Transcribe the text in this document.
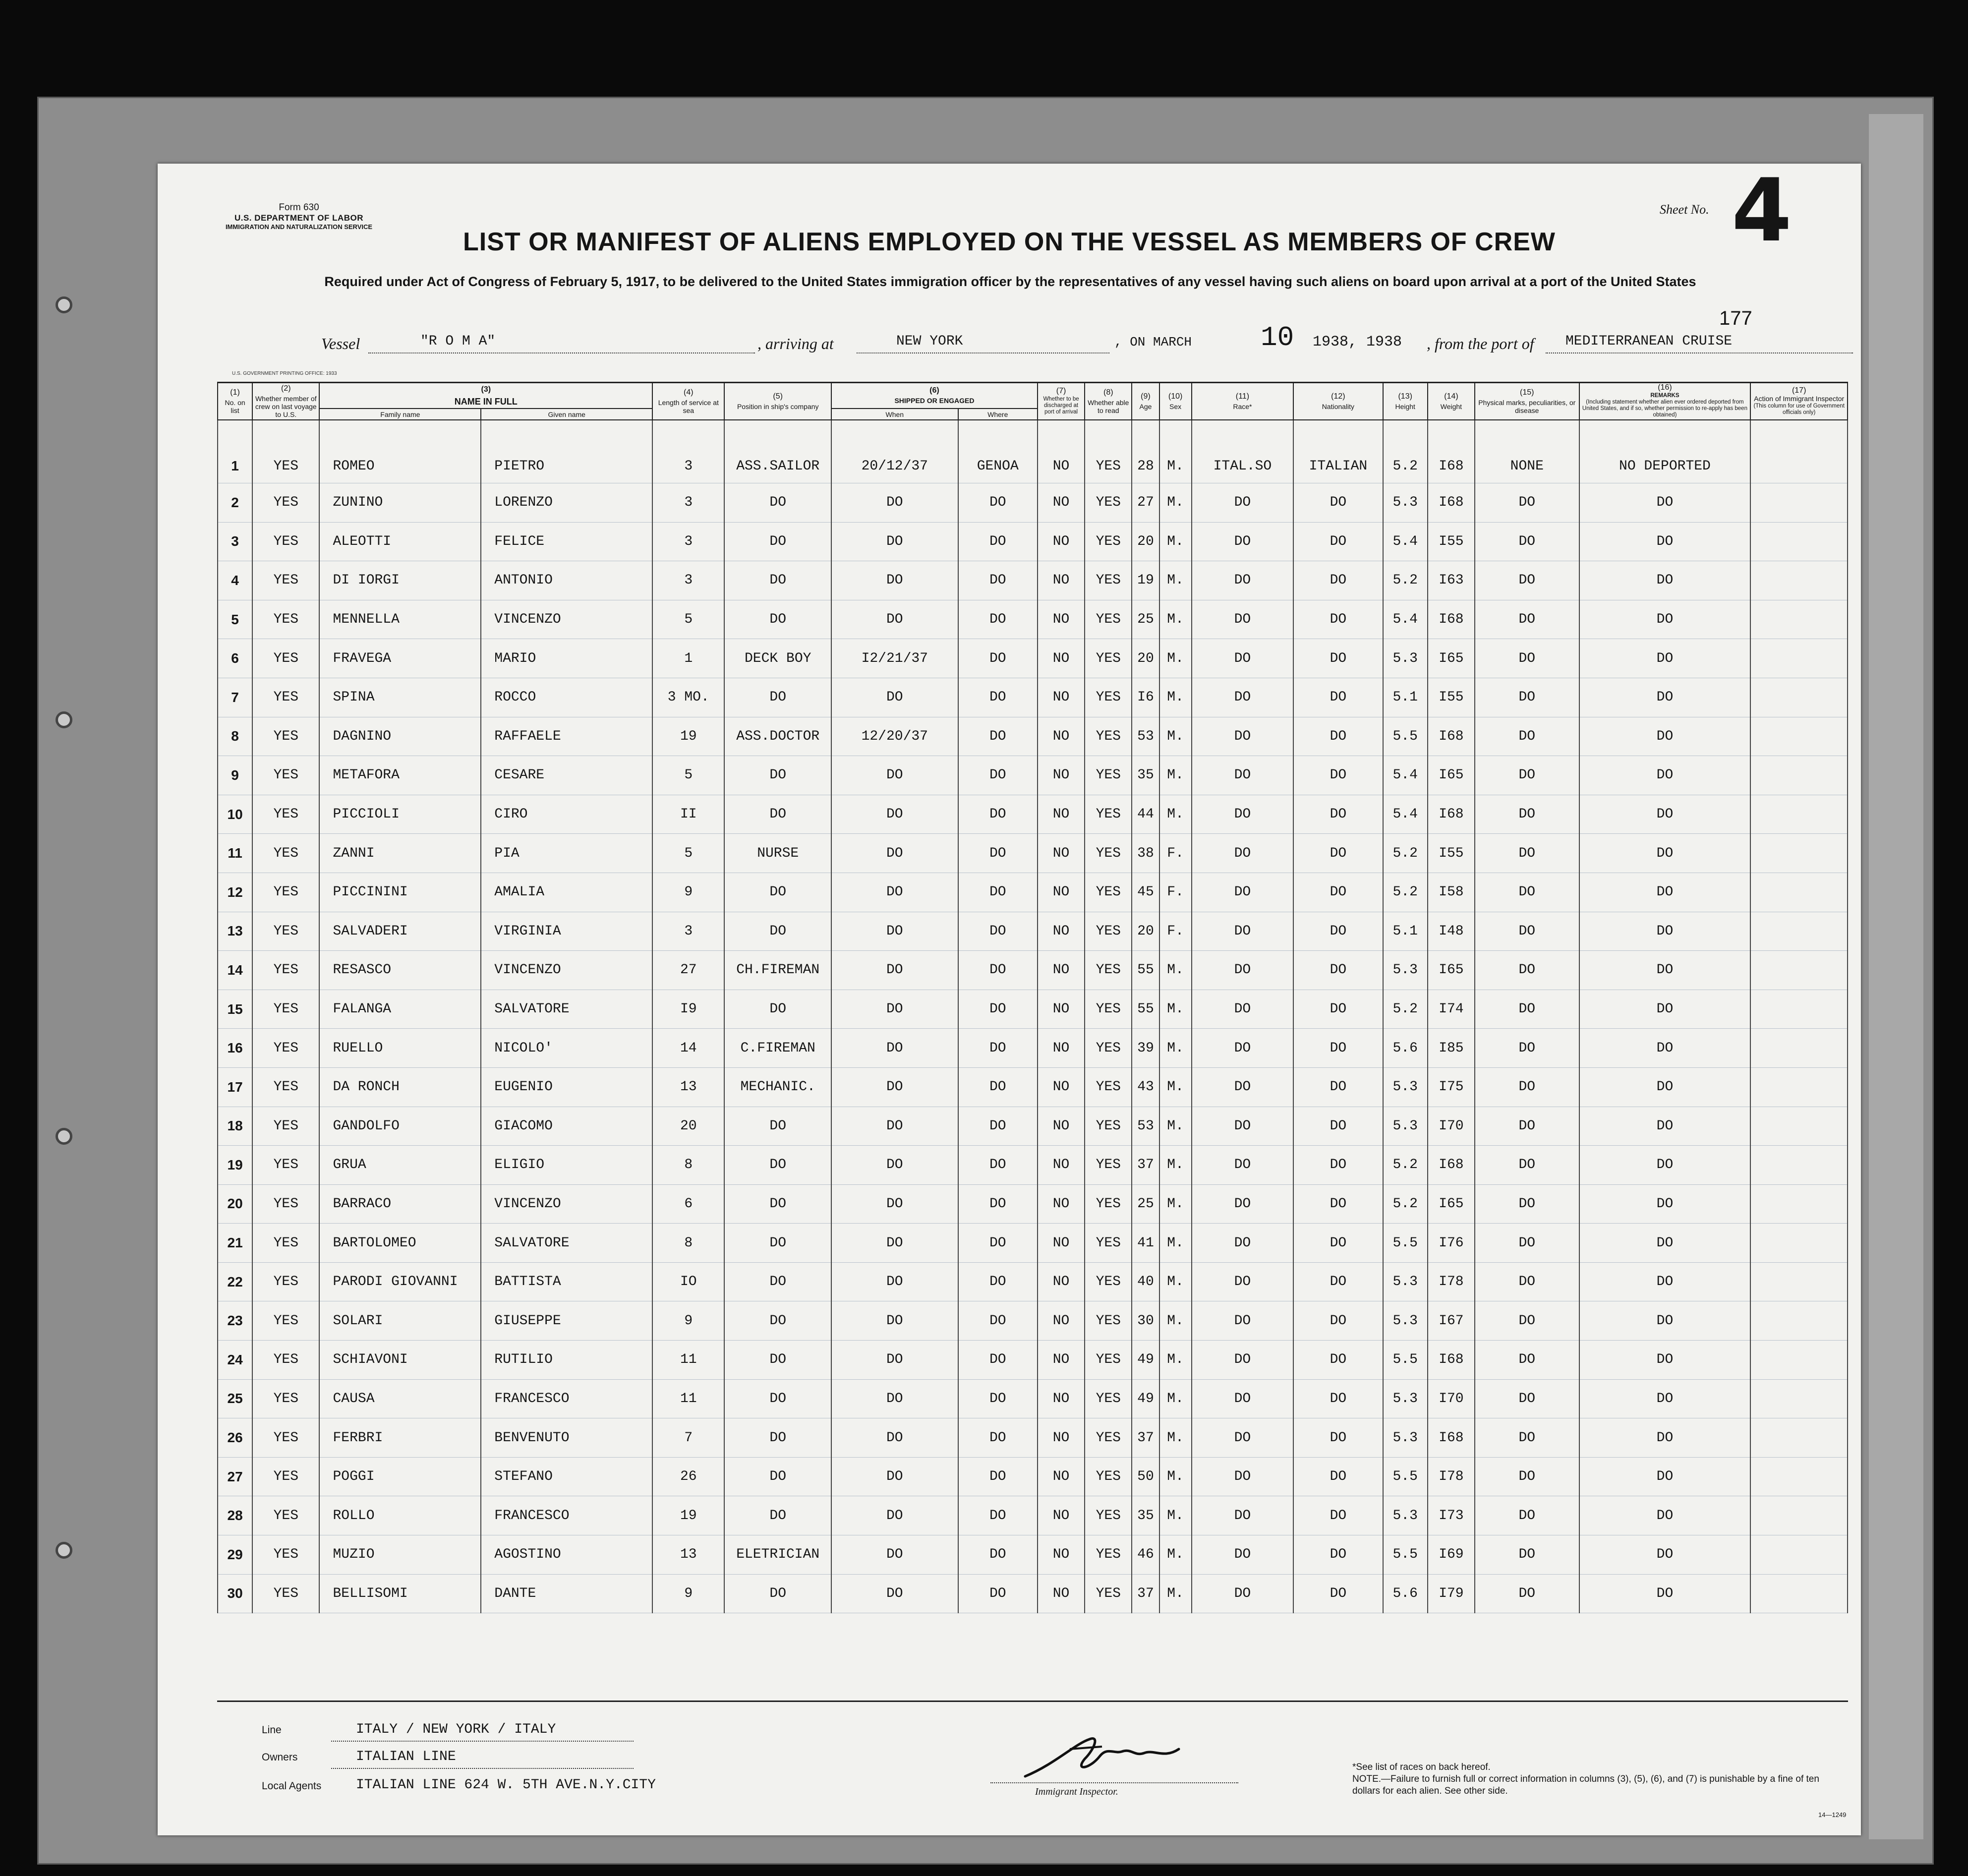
Form 630
U.S. DEPARTMENT OF LABOR
IMMIGRATION AND NATURALIZATION SERVICE
Sheet No. 4
LIST OR MANIFEST OF ALIENS EMPLOYED ON THE VESSEL AS MEMBERS OF CREW
Required under Act of Congress of February 5, 1917, to be delivered to the United States immigration officer by the representatives of any vessel having such aliens on board upon arrival at a port of the United States
177
Vessel	"R O M A"	, arriving at	NEW YORK	, ON MARCH 10 1938, 1938 , from the port of MEDITERRANEAN CRUISE
U.S. GOVERNMENT PRINTING OFFICE: 1933
(1)
No. on list	(2)
Whether member of crew on last voyage to U.S.	(3)
NAME IN FULL		(4)
Length of service at sea	(5)
Position in ship's company	(6)
SHIPPED OR ENGAGED		(7)
Whether to be discharged at port of arrival	(8)
Whether able to read	(9)
Age	(10)
Sex	(11)
Race*	(12)
Nationality	(13)
Height	(14)
Weight	(15)
Physical marks, peculiarities, or disease	(16)
REMARKS
(Including statement whether alien ever ordered deported from United States, and if so, whether permission to re-apply has been obtained)	(17)
Action of Immigrant Inspector
(This column for use of Government officials only)
		Family name	Given name			When	Where											
1	YES	ROMEO	PIETRO	3	ASS.SAILOR	20/12/37	GENOA	NO	YES	28	M.	ITAL.SO	ITALIAN	5.2	I68	NONE	NO DEPORTED	
2	YES	ZUNINO	LORENZO	3	DO	DO	DO	NO	YES	27	M.	DO	DO	5.3	I68	DO	DO	
3	YES	ALEOTTI	FELICE	3	DO	DO	DO	NO	YES	20	M.	DO	DO	5.4	I55	DO	DO	
4	YES	DI IORGI	ANTONIO	3	DO	DO	DO	NO	YES	19	M.	DO	DO	5.2	I63	DO	DO	
5	YES	MENNELLA	VINCENZO	5	DO	DO	DO	NO	YES	25	M.	DO	DO	5.4	I68	DO	DO	
6	YES	FRAVEGA	MARIO	1	DECK BOY	I2/21/37	DO	NO	YES	20	M.	DO	DO	5.3	I65	DO	DO	
7	YES	SPINA	ROCCO	3 MO.	DO	DO	DO	NO	YES	I6	M.	DO	DO	5.1	I55	DO	DO	
8	YES	DAGNINO	RAFFAELE	19	ASS.DOCTOR	12/20/37	DO	NO	YES	53	M.	DO	DO	5.5	I68	DO	DO	
9	YES	METAFORA	CESARE	5	DO	DO	DO	NO	YES	35	M.	DO	DO	5.4	I65	DO	DO	
10	YES	PICCIOLI	CIRO	II	DO	DO	DO	NO	YES	44	M.	DO	DO	5.4	I68	DO	DO	
11	YES	ZANNI	PIA	5	NURSE	DO	DO	NO	YES	38	F.	DO	DO	5.2	I55	DO	DO	
12	YES	PICCININI	AMALIA	9	DO	DO	DO	NO	YES	45	F.	DO	DO	5.2	I58	DO	DO	
13	YES	SALVADERI	VIRGINIA	3	DO	DO	DO	NO	YES	20	F.	DO	DO	5.1	I48	DO	DO	
14	YES	RESASCO	VINCENZO	27	CH.FIREMAN	DO	DO	NO	YES	55	M.	DO	DO	5.3	I65	DO	DO	
15	YES	FALANGA	SALVATORE	I9	DO	DO	DO	NO	YES	55	M.	DO	DO	5.2	I74	DO	DO	
16	YES	RUELLO	NICOLO'	14	C.FIREMAN	DO	DO	NO	YES	39	M.	DO	DO	5.6	I85	DO	DO	
17	YES	DA RONCH	EUGENIO	13	MECHANIC.	DO	DO	NO	YES	43	M.	DO	DO	5.3	I75	DO	DO	
18	YES	GANDOLFO	GIACOMO	20	DO	DO	DO	NO	YES	53	M.	DO	DO	5.3	I70	DO	DO	
19	YES	GRUA	ELIGIO	8	DO	DO	DO	NO	YES	37	M.	DO	DO	5.2	I68	DO	DO	
20	YES	BARRACO	VINCENZO	6	DO	DO	DO	NO	YES	25	M.	DO	DO	5.2	I65	DO	DO	
21	YES	BARTOLOMEO	SALVATORE	8	DO	DO	DO	NO	YES	41	M.	DO	DO	5.5	I76	DO	DO	
22	YES	PARODI GIOVANNI	BATTISTA	IO	DO	DO	DO	NO	YES	40	M.	DO	DO	5.3	I78	DO	DO	
23	YES	SOLARI	GIUSEPPE	9	DO	DO	DO	NO	YES	30	M.	DO	DO	5.3	I67	DO	DO	
24	YES	SCHIAVONI	RUTILIO	11	DO	DO	DO	NO	YES	49	M.	DO	DO	5.5	I68	DO	DO	
25	YES	CAUSA	FRANCESCO	11	DO	DO	DO	NO	YES	49	M.	DO	DO	5.3	I70	DO	DO	
26	YES	FERBRI	BENVENUTO	7	DO	DO	DO	NO	YES	37	M.	DO	DO	5.3	I68	DO	DO	
27	YES	POGGI	STEFANO	26	DO	DO	DO	NO	YES	50	M.	DO	DO	5.5	I78	DO	DO	
28	YES	ROLLO	FRANCESCO	19	DO	DO	DO	NO	YES	35	M.	DO	DO	5.3	I73	DO	DO	
29	YES	MUZIO	AGOSTINO	13	ELETRICIAN	DO	DO	NO	YES	46	M.	DO	DO	5.5	I69	DO	DO	
30	YES	BELLISOMI	DANTE	9	DO	DO	DO	NO	YES	37	M.	DO	DO	5.6	I79	DO	DO	
Line	ITALY / NEW YORK / ITALY
Owners	ITALIAN LINE
Local Agents ITALIAN LINE 624 W. 5TH AVE.N.Y.CITY	Immigrant Inspector.
*See list of races on back hereof.
NOTE.—Failure to furnish full or correct information in columns (3), (5), (6), and (7) is punishable by a fine of ten dollars for each alien. See other side.
14—1249
